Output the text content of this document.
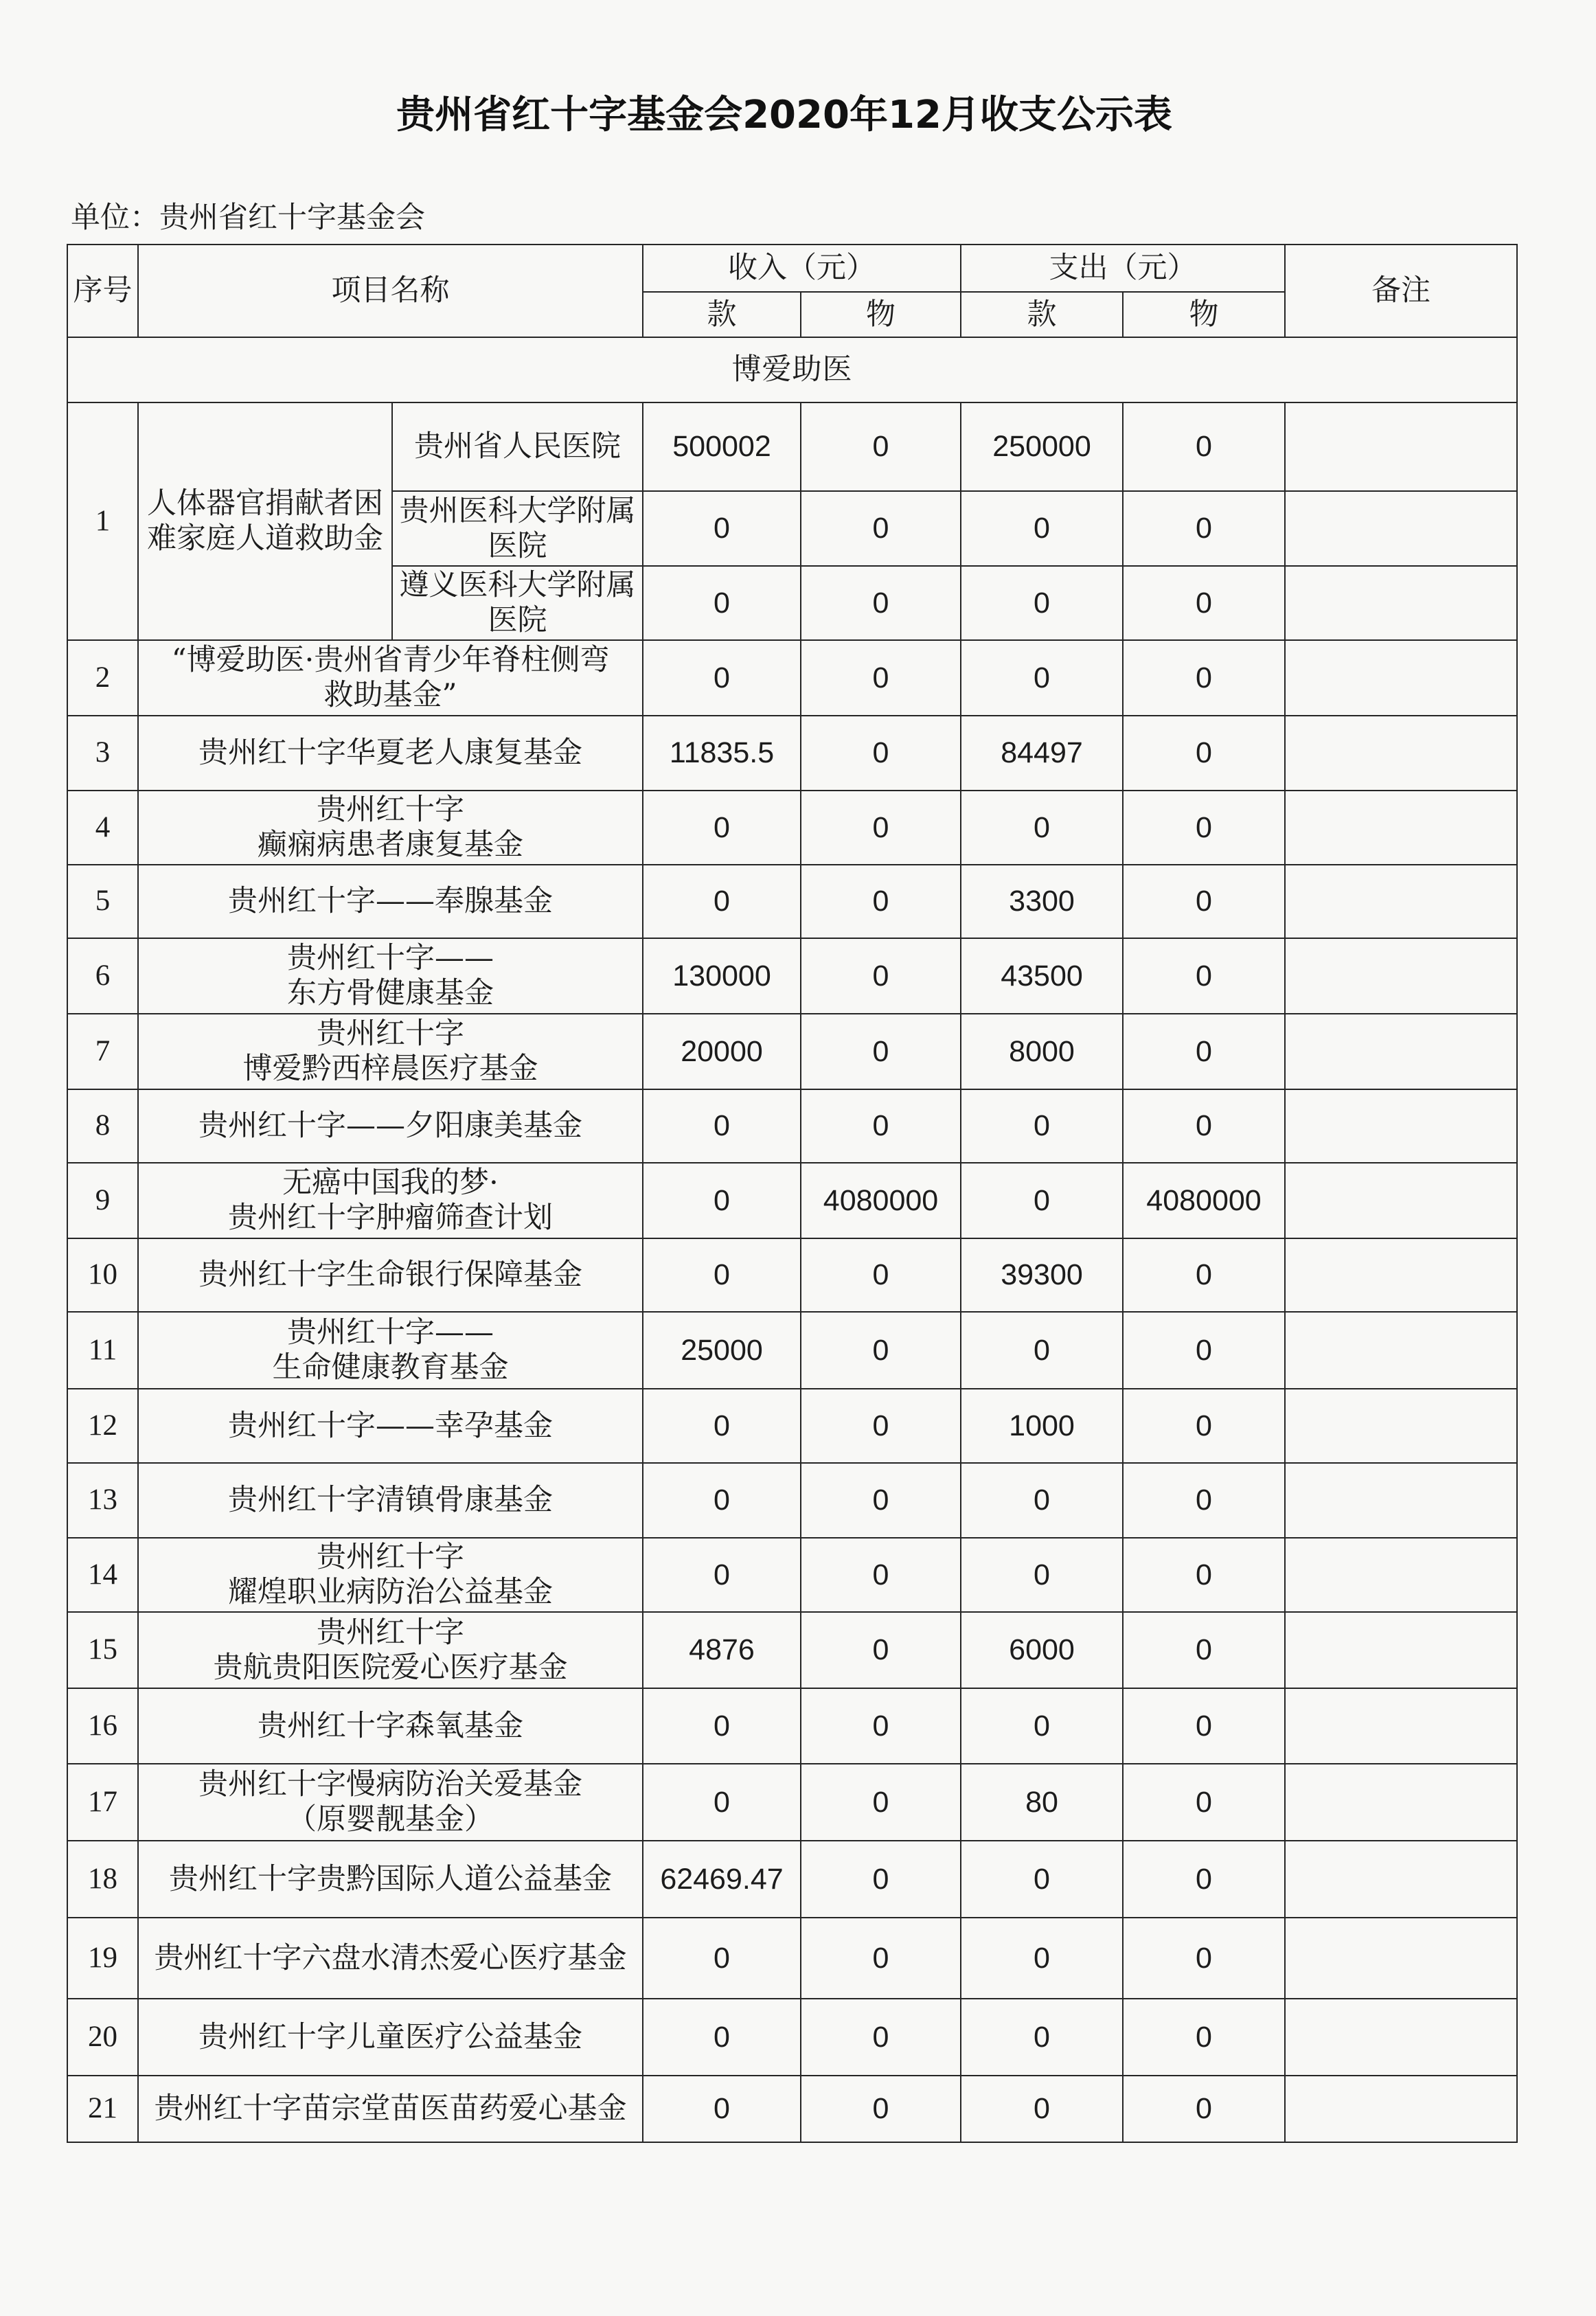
贵州省红十字基金会2020年12月收支公示表

单位：贵州省红十字基金会

序号	项目名称		收入（元）		支出（元）		备注
			款	物	款	物	
博爱助医							
1	人体器官捐献者困难家庭人道救助金	贵州省人民医院	500002	0	250000	0	
		贵州医科大学附属医院	0	0	0	0	
		遵义医科大学附属医院	0	0	0	0	
2	“博爱助医·贵州省青少年脊柱侧弯
救助基金”		0	0	0	0	
3	贵州红十字华夏老人康复基金		11835.5	0	84497	0	
4	贵州红十字
癫痫病患者康复基金		0	0	0	0	
5	贵州红十字——奉腺基金		0	0	3300	0	
6	贵州红十字——
东方骨健康基金		130000	0	43500	0	
7	贵州红十字
博爱黔西梓晨医疗基金		20000	0	8000	0	
8	贵州红十字——夕阳康美基金		0	0	0	0	
9	无癌中国我的梦·
贵州红十字肿瘤筛查计划		0	4080000	0	4080000	
10	贵州红十字生命银行保障基金		0	0	39300	0	
11	贵州红十字——
生命健康教育基金		25000	0	0	0	
12	贵州红十字——幸孕基金		0	0	1000	0	
13	贵州红十字清镇骨康基金		0	0	0	0	
14	贵州红十字
耀煌职业病防治公益基金		0	0	0	0	
15	贵州红十字
贵航贵阳医院爱心医疗基金		4876	0	6000	0	
16	贵州红十字森氧基金		0	0	0	0	
17	贵州红十字慢病防治关爱基金
（原婴靓基金）		0	0	80	0	
18	贵州红十字贵黔国际人道公益基金		62469.47	0	0	0	
19	贵州红十字六盘水清杰爱心医疗基金		0	0	0	0	
20	贵州红十字儿童医疗公益基金		0	0	0	0	
21	贵州红十字苗宗堂苗医苗药爱心基金		0	0	0	0	
